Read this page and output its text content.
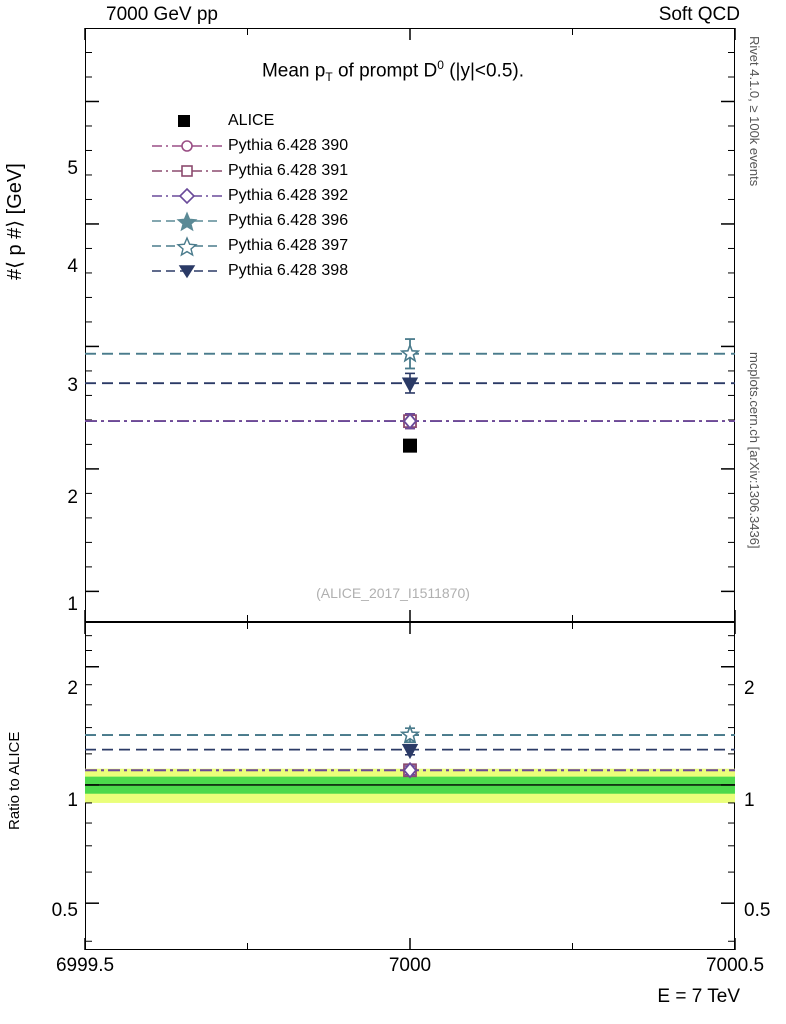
7000 GeV pp	Soft QCD
Mean $p_T$ of prompt $D^0$ (|y|<0.5).
(ALICE_2017_I1511870)
#⟨ p #⟩ [GeV]
Ratio to ALICE
E = 7 TeV
Rivet 4.1.0, ≥ 100k events
mcplots.cern.ch [arXiv:1306.3436]
1
2
3
4
5
0.5
1
2
0.5
1
2
6999.5	7000	7000.5
ALICE
Pythia 6.428 390
Pythia 6.428 391
Pythia 6.428 392
Pythia 6.428 396
Pythia 6.428 397
Pythia 6.428 398
